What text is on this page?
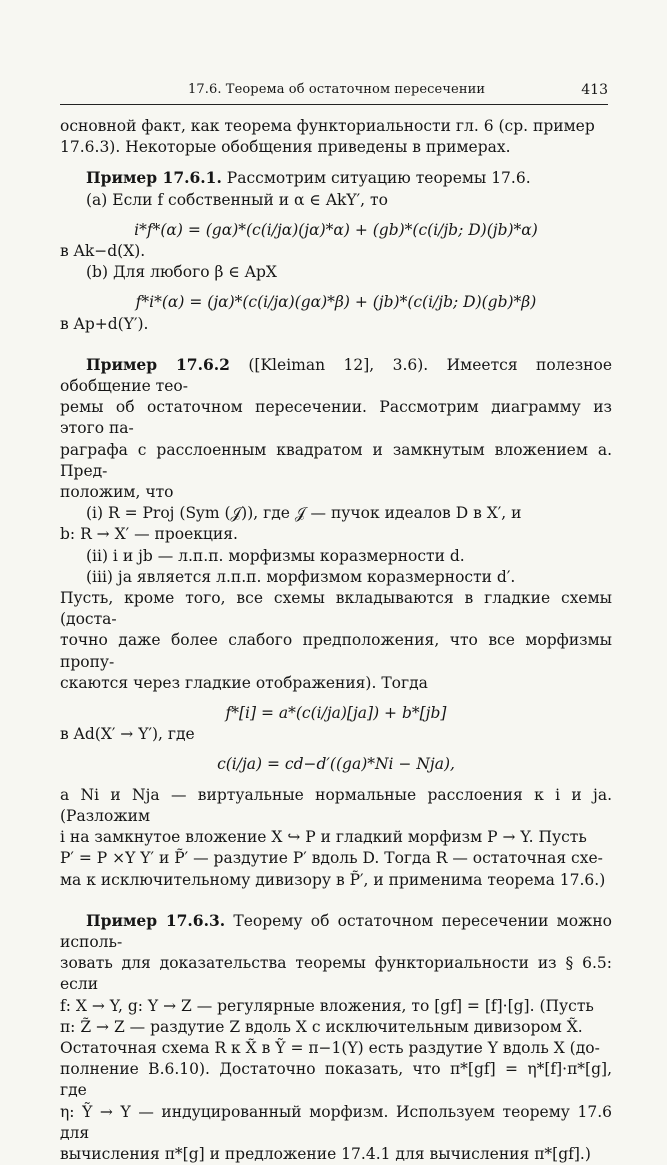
17.6. Теорема об остаточном пересечении	413

основной факт, как теорема функториальности гл. 6 (ср. пример

17.6.3). Некоторые обобщения приведены в примерах.

Пример 17.6.1. Рассмотрим ситуацию теоремы 17.6.

(a) Если f собственный и α ∈ AkY′, то

i*f*(α) = (gα)*(c(i/jα)(jα)*α) + (gb)*(c(i/jb; D)(jb)*α)

в Ak−d(X).

(b) Для любого β ∈ ApX

f*i*(α) = (jα)*(c(i/jα)(gα)*β) + (jb)*(c(i/jb; D)(gb)*β)

в Ap+d(Y′).

Пример 17.6.2 ([Kleiman 12], 3.6). Имеется полезное обобщение тео-

ремы об остаточном пересечении. Рассмотрим диаграмму из этого па-

раграфа с расслоенным квадратом и замкнутым вложением a. Пред-

положим, что

(i) R = Proj (Sym (𝒥)), где 𝒥 — пучок идеалов D в X′, и

b: R → X′ — проекция.

(ii) i и jb — л.п.п. морфизмы коразмерности d.

(iii) ja является л.п.п. морфизмом коразмерности d′.

Пусть, кроме того, все схемы вкладываются в гладкие схемы (доста-

точно даже более слабого предположения, что все морфизмы пропу-

скаются через гладкие отображения). Тогда

f*[i] = a*(c(i/ja)[ja]) + b*[jb]

в Ad(X′ → Y′), где

c(i/ja) = cd−d′((ga)*Ni − Nja),

а Ni и Nja — виртуальные нормальные расслоения к i и ja. (Разложим

i на замкнутое вложение X ↪ P и гладкий морфизм P → Y. Пусть

P′ = P ×Y Y′ и P̃′ — раздутие P′ вдоль D. Тогда R — остаточная схе-

ма к исключительному дивизору в P̃′, и применима теорема 17.6.)

Пример 17.6.3. Теорему об остаточном пересечении можно исполь-

зовать для доказательства теоремы функториальности из § 6.5: если

f: X → Y, g: Y → Z — регулярные вложения, то [gf] = [f]·[g]. (Пусть

π: Z̃ → Z — раздутие Z вдоль X с исключительным дивизором X̃.

Остаточная схема R к X̃ в Ỹ = π−1(Y) есть раздутие Y вдоль X (до-

полнение B.6.10). Достаточно показать, что π*[gf] = η*[f]·π*[g], где

η: Ỹ → Y — индуцированный морфизм. Используем теорему 17.6 для

вычисления π*[g] и предложение 17.4.1 для вычисления π*[gf].)
